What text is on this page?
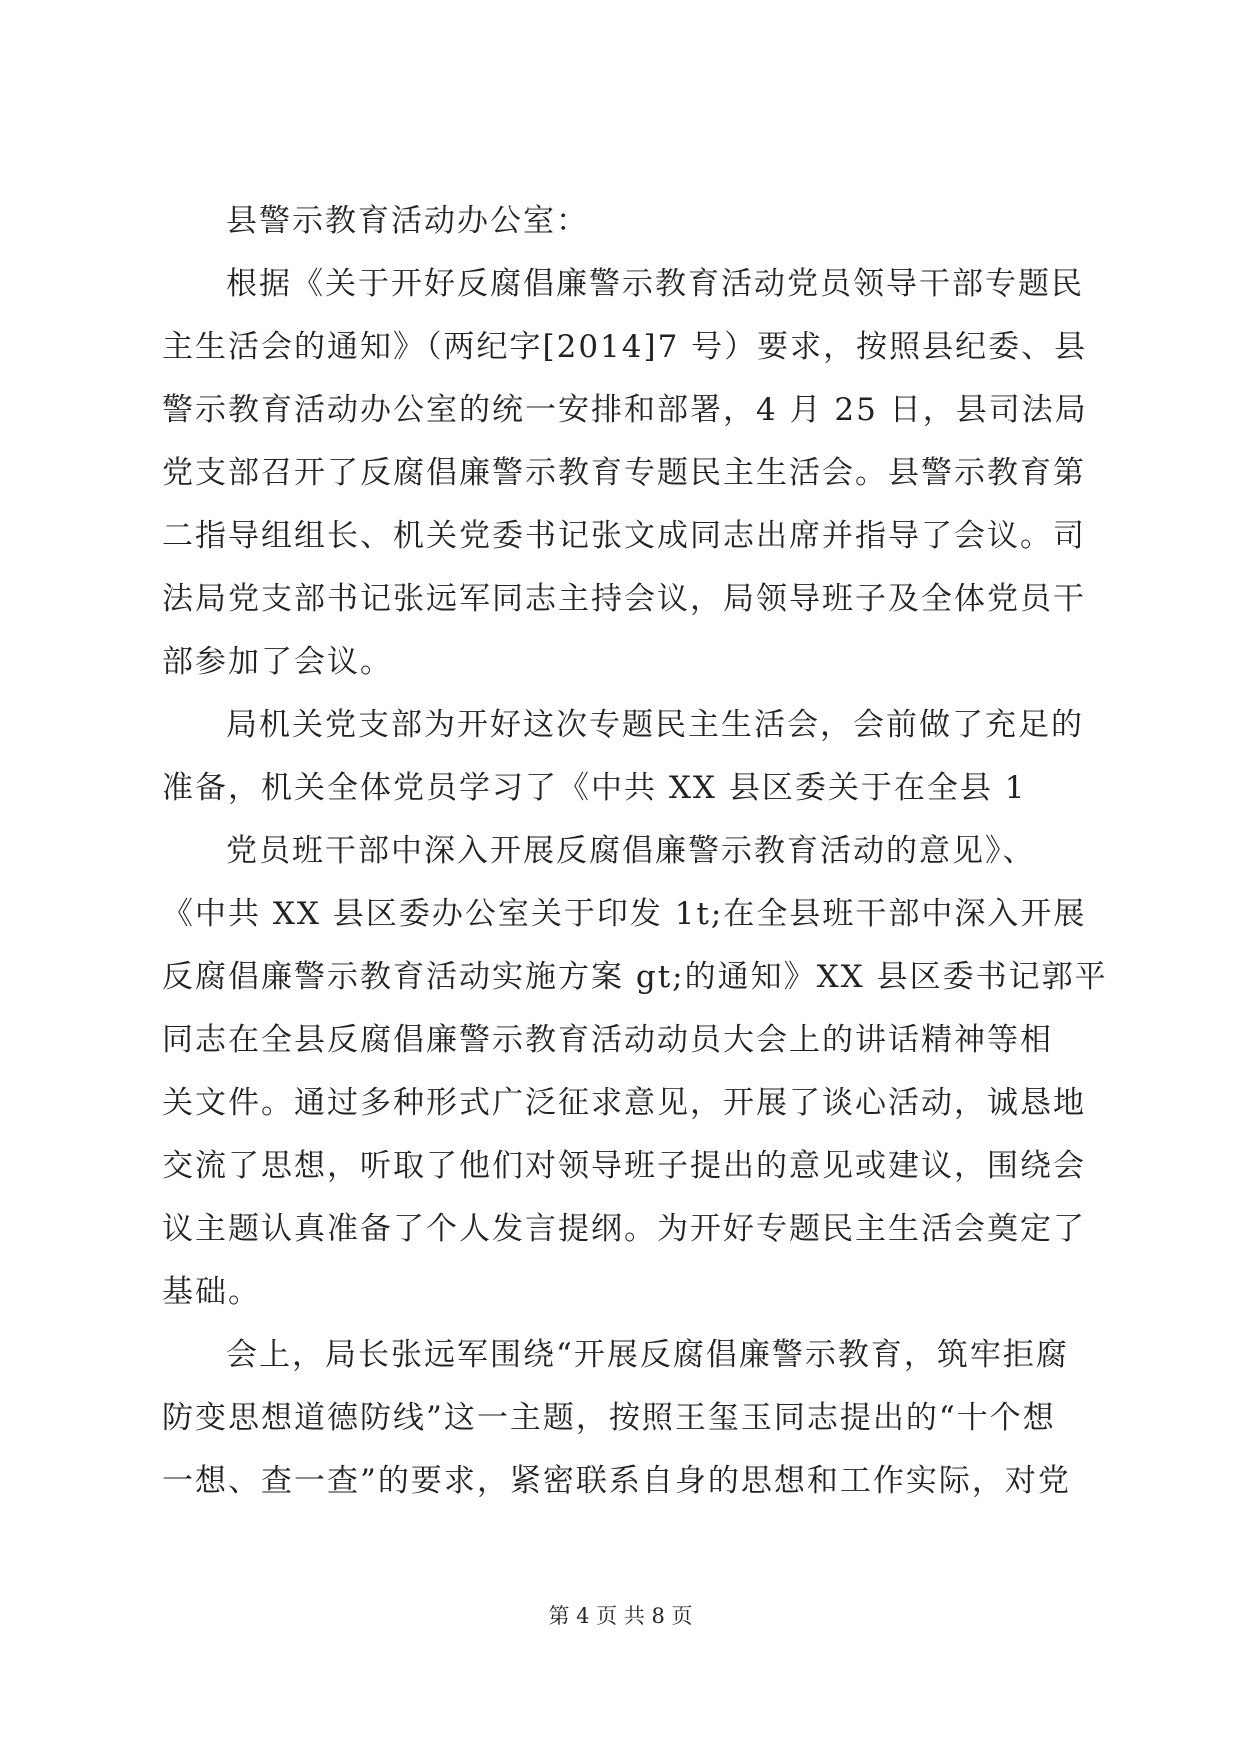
县警示教育活动办公室：
根据《关于开好反腐倡廉警示教育活动党员领导干部专题民
主生活会的通知》（两纪字[2014]7 号）要求，按照县纪委、县
警示教育活动办公室的统一安排和部署，4 月 25 日，县司法局
党支部召开了反腐倡廉警示教育专题民主生活会。县警示教育第
二指导组组长、机关党委书记张文成同志出席并指导了会议。司
法局党支部书记张远军同志主持会议，局领导班子及全体党员干
部参加了会议。
局机关党支部为开好这次专题民主生活会，会前做了充足的
准备，机关全体党员学习了《中共 XX 县区委关于在全县 1
党员班干部中深入开展反腐倡廉警示教育活动的意见》、
《中共 XX 县区委办公室关于印发 1t;在全县班干部中深入开展
反腐倡廉警示教育活动实施方案 gt;的通知》XX 县区委书记郭平
同志在全县反腐倡廉警示教育活动动员大会上的讲话精神等相
关文件。通过多种形式广泛征求意见，开展了谈心活动，诚恳地
交流了思想，听取了他们对领导班子提出的意见或建议，围绕会
议主题认真准备了个人发言提纲。为开好专题民主生活会奠定了
基础。
会上，局长张远军围绕“开展反腐倡廉警示教育，筑牢拒腐
防变思想道德防线”这一主题，按照王玺玉同志提出的“十个想
一想、查一查”的要求，紧密联系自身的思想和工作实际，对党
第 4 页 共 8 页
